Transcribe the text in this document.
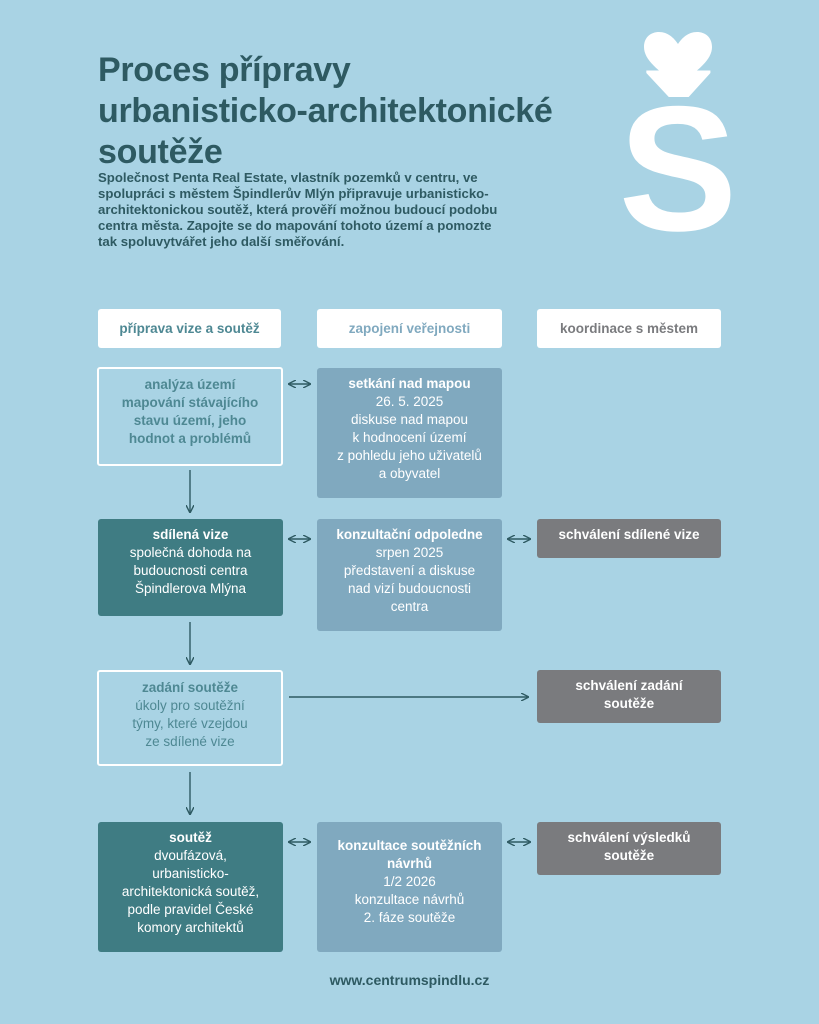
Proces přípravy
urbanisticko-architektonické
soutěže

Společnost Penta Real Estate, vlastník pozemků v centru, ve
spolupráci s městem Špindlerův Mlýn připravuje urbanisticko-
architektonickou soutěž, která prověří možnou budoucí podobu
centra města. Zapojte se do mapování tohoto území a pomozte
tak spoluvytvářet jeho další směřování.	Š
příprava vize a soutěž	zapojení veřejnosti	koordinace s městem
analýza území
mapování stávajícího
stavu území, jeho
hodnot a problémů
setkání nad mapou
26. 5. 2025
diskuse nad mapou
k hodnocení území
z pohledu jeho uživatelů
a obyvatel
sdílená vize
společná dohoda na
budoucnosti centra
Špindlerova Mlýna
konzultační odpoledne
srpen 2025
představení a diskuse
nad vizí budoucnosti
centra
schválení sdílené vize
zadání soutěže
úkoly pro soutěžní
týmy, které vzejdou
ze sdílené vize
schválení zadání
soutěže
soutěž
dvoufázová,
urbanisticko-
architektonická soutěž,
podle pravidel České
komory architektů
konzultace soutěžních
návrhů
1/2 2026
konzultace návrhů
2. fáze soutěže
schválení výsledků
soutěže
www.centrumspindlu.cz
